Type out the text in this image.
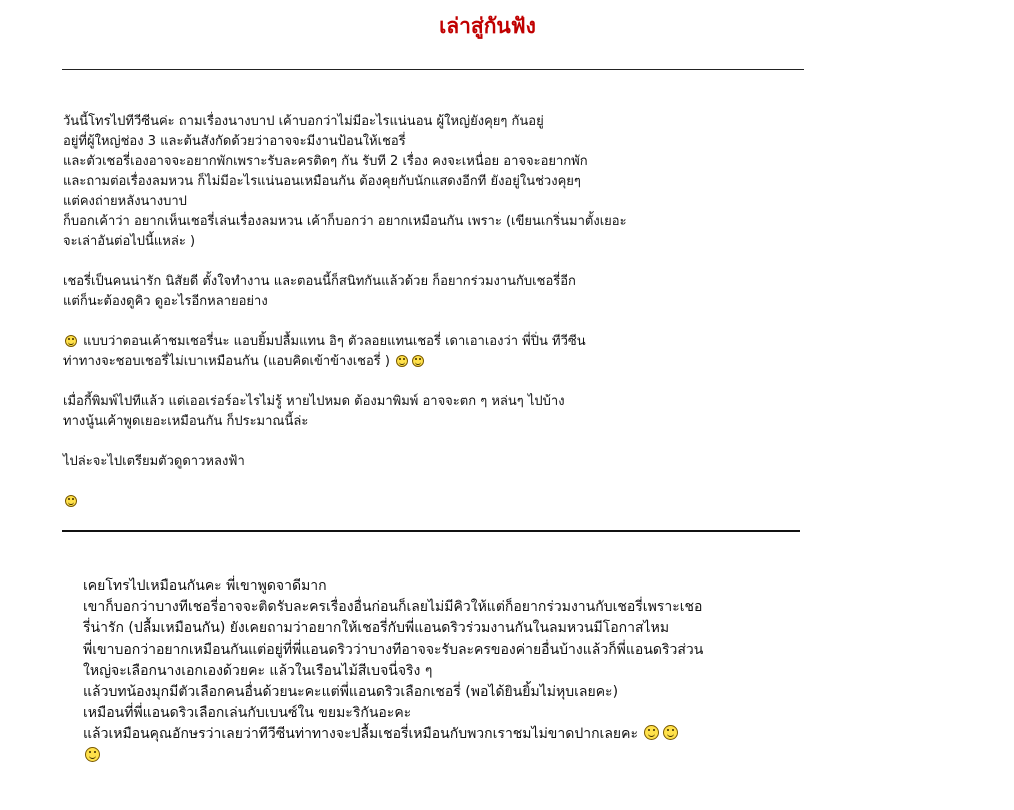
เล่าสู่กันฟัง

วันนี้โทรไปทีวีซีนค่ะ ถามเรื่องนางบาป เค้าบอกว่าไม่มีอะไรแน่นอน ผู้ใหญ่ยังคุยๆ กันอยู่
อยู่ที่ผู้ใหญ่ช่อง 3 และต้นสังกัดด้วยว่าอาจจะมีงานป้อนให้เชอรี่
และตัวเชอรี่เองอาจจะอยากพักเพราะรับละครติดๆ กัน รับที 2 เรื่อง คงจะเหนื่อย อาจจะอยากพัก
และถามต่อเรื่องลมหวน ก็ไม่มีอะไรแน่นอนเหมือนกัน ต้องคุยกับนักแสดงอีกที ยังอยู่ในช่วงคุยๆ
แต่คงถ่ายหลังนางบาป
ก็บอกเค้าว่า อยากเห็นเชอรี่เล่นเรื่องลมหวน เค้าก็บอกว่า อยากเหมือนกัน เพราะ (เขียนเกริ่นมาตั้งเยอะ
จะเล่าอันต่อไปนี้แหล่ะ )

เชอรี่เป็นคนน่ารัก นิสัยดี ตั้งใจทำงาน และตอนนี้ก็สนิทกันแล้วด้วย ก็อยากร่วมงานกับเชอรี่อีก
แต่ก็นะต้องดูคิว ดูอะไรอีกหลายอย่าง

แบบว่าตอนเค้าชมเชอรี่นะ แอบยิ้มปลื้มแทน อิๆ ตัวลอยแทนเชอรี่ เดาเอาเองว่า พี่ปิ่น ทีวีซีน
ท่าทางจะชอบเชอรี่ไม่เบาเหมือนกัน (แอบคิดเข้าข้างเชอรี่ )

เมื่อกี้พิมพ์ไปทีแล้ว แต่เออเร่อร์อะไรไม่รู้ หายไปหมด ต้องมาพิมพ์ อาจจะตก ๆ หล่นๆ ไปบ้าง
ทางนู้นเค้าพูดเยอะเหมือนกัน ก็ประมาณนี้ล่ะ

ไปล่ะจะไปเตรียมตัวดูดาวหลงฟ้า

เคยโทรไปเหมือนกันคะ พี่เขาพูดจาดีมาก
เขาก็บอกว่าบางทีเชอรี่อาจจะติดรับละครเรื่องอื่นก่อนก็เลยไม่มีคิวให้แต่ก็อยากร่วมงานกับเชอรี่เพราะเชอ
รี่น่ารัก (ปลื้มเหมือนกัน) ยังเคยถามว่าอยากให้เชอรี่กับพี่แอนดริวร่วมงานกันในลมหวนมีโอกาสไหม
พี่เขาบอกว่าอยากเหมือนกันแต่อยู่ที่พี่แอนดริวว่าบางทีอาจจะรับละครของค่ายอื่นบ้างแล้วก็พี่แอนดริวส่วน
ใหญ่จะเลือกนางเอกเองด้วยคะ แล้วในเรือนไม้สีเบจนี่จริง ๆ
แล้วบทน้องมุกมีตัวเลือกคนอื่นด้วยนะคะแต่พี่แอนดริวเลือกเชอรี่ (พอได้ยินยิ้มไม่หุบเลยคะ)
เหมือนที่พี่แอนดริวเลือกเล่นกับเบนซ์ใน ขยมะริกันอะคะ
แล้วเหมือนคุณอักษรว่าเลยว่าทีวีซีนท่าทางจะปลื้มเชอรี่เหมือนกับพวกเราชมไม่ขาดปากเลยคะ
